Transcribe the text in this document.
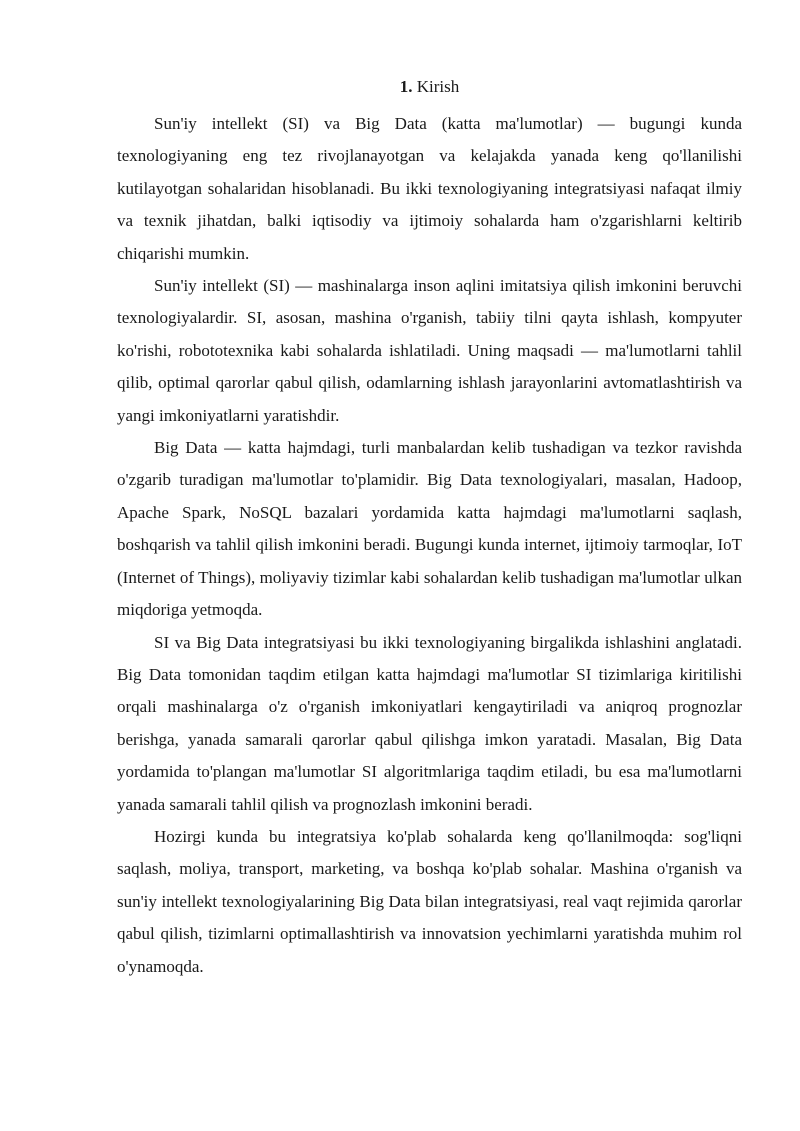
1. Kirish

Sun'iy intellekt (SI) va Big Data (katta ma'lumotlar) — bugungi kunda texnologiyaning eng tez rivojlanayotgan va kelajakda yanada keng qo'llanilishi kutilayotgan sohalaridan hisoblanadi. Bu ikki texnologiyaning integratsiyasi nafaqat ilmiy va texnik jihatdan, balki iqtisodiy va ijtimoiy sohalarda ham o'zgarishlarni keltirib chiqarishi mumkin.

Sun'iy intellekt (SI) — mashinalarga inson aqlini imitatsiya qilish imkonini beruvchi texnologiyalardir. SI, asosan, mashina o'rganish, tabiiy tilni qayta ishlash, kompyuter ko'rishi, robototexnika kabi sohalarda ishlatiladi. Uning maqsadi — ma'lumotlarni tahlil qilib, optimal qarorlar qabul qilish, odamlarning ishlash jarayonlarini avtomatlashtirish va yangi imkoniyatlarni yaratishdir.

Big Data — katta hajmdagi, turli manbalardan kelib tushadigan va tezkor ravishda o'zgarib turadigan ma'lumotlar to'plamidir. Big Data texnologiyalari, masalan, Hadoop, Apache Spark, NoSQL bazalari yordamida katta hajmdagi ma'lumotlarni saqlash, boshqarish va tahlil qilish imkonini beradi. Bugungi kunda internet, ijtimoiy tarmoqlar, IoT (Internet of Things), moliyaviy tizimlar kabi sohalardan kelib tushadigan ma'lumotlar ulkan miqdoriga yetmoqda.

SI va Big Data integratsiyasi bu ikki texnologiyaning birgalikda ishlashini anglatadi. Big Data tomonidan taqdim etilgan katta hajmdagi ma'lumotlar SI tizimlariga kiritilishi orqali mashinalarga o'z o'rganish imkoniyatlari kengaytiriladi va aniqroq prognozlar berishga, yanada samarali qarorlar qabul qilishga imkon yaratadi. Masalan, Big Data yordamida to'plangan ma'lumotlar SI algoritmlariga taqdim etiladi, bu esa ma'lumotlarni yanada samarali tahlil qilish va prognozlash imkonini beradi.

Hozirgi kunda bu integratsiya ko'plab sohalarda keng qo'llanilmoqda: sog'liqni saqlash, moliya, transport, marketing, va boshqa ko'plab sohalar. Mashina o'rganish va sun'iy intellekt texnologiyalarining Big Data bilan integratsiyasi, real vaqt rejimida qarorlar qabul qilish, tizimlarni optimallashtirish va innovatsion yechimlarni yaratishda muhim rol o'ynamoqda.
